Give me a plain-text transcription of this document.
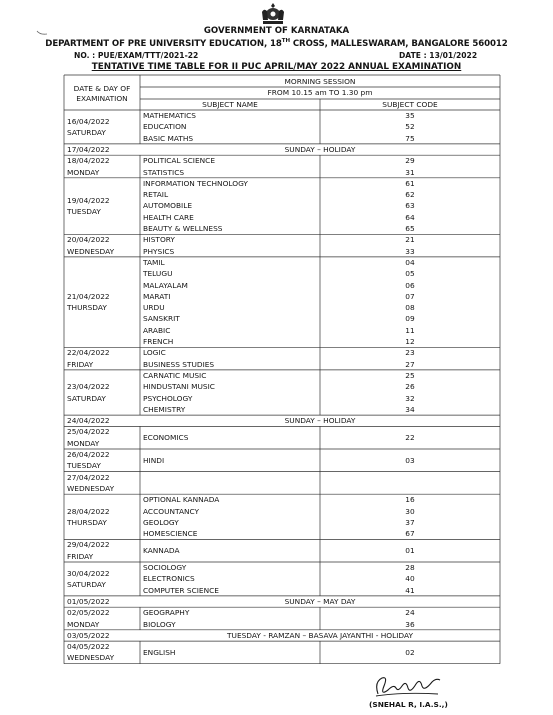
GOVERNMENT OF KARNATAKA
DEPARTMENT OF PRE UNIVERSITY EDUCATION, 18TH CROSS, MALLESWARAM, BANGALORE 560012
NO. : PUE/EXAM/TTT/2021-22	DATE : 13/01/2022
TENTATIVE TIME TABLE FOR II PUC APRIL/MAY 2022 ANNUAL EXAMINATION
DATE & DAY OF
EXAMINATION
MORNING SESSION
FROM 10.15 am TO 1.30 pm
SUBJECT NAME	SUBJECT CODE
16/04/2022
SATURDAY
MATHEMATICS	35
EDUCATION	52
BASIC MATHS	75
17/04/2022	SUNDAY – HOLIDAY
18/04/2022
MONDAY
POLITICAL SCIENCE	29
STATISTICS	31
19/04/2022
TUESDAY
INFORMATION TECHNOLOGY	61
RETAIL	62
AUTOMOBILE	63
HEALTH CARE	64
BEAUTY & WELLNESS	65
20/04/2022
WEDNESDAY
HISTORY	21
PHYSICS	33
21/04/2022
THURSDAY
TAMIL	04
TELUGU	05
MALAYALAM	06
MARATI	07
URDU	08
SANSKRIT	09
ARABIC	11
FRENCH	12
22/04/2022
FRIDAY
LOGIC	23
BUSINESS STUDIES	27
23/04/2022
SATURDAY
CARNATIC MUSIC	25
HINDUSTANI MUSIC	26
PSYCHOLOGY	32
CHEMISTRY	34
24/04/2022	SUNDAY – HOLIDAY
25/04/2022
MONDAY
ECONOMICS	22
26/04/2022
TUESDAY
HINDI	03
27/04/2022
WEDNESDAY
28/04/2022
THURSDAY
OPTIONAL KANNADA	16
ACCOUNTANCY	30
GEOLOGY	37
HOMESCIENCE	67
29/04/2022
FRIDAY
KANNADA	01
30/04/2022
SATURDAY
SOCIOLOGY	28
ELECTRONICS	40
COMPUTER SCIENCE	41
01/05/2022	SUNDAY – MAY DAY
02/05/2022
MONDAY
GEOGRAPHY	24
BIOLOGY	36
03/05/2022	TUESDAY - RAMZAN – BASAVA JAYANTHI - HOLIDAY
04/05/2022
WEDNESDAY
ENGLISH	02
(SNEHAL R, I.A.S.,)
